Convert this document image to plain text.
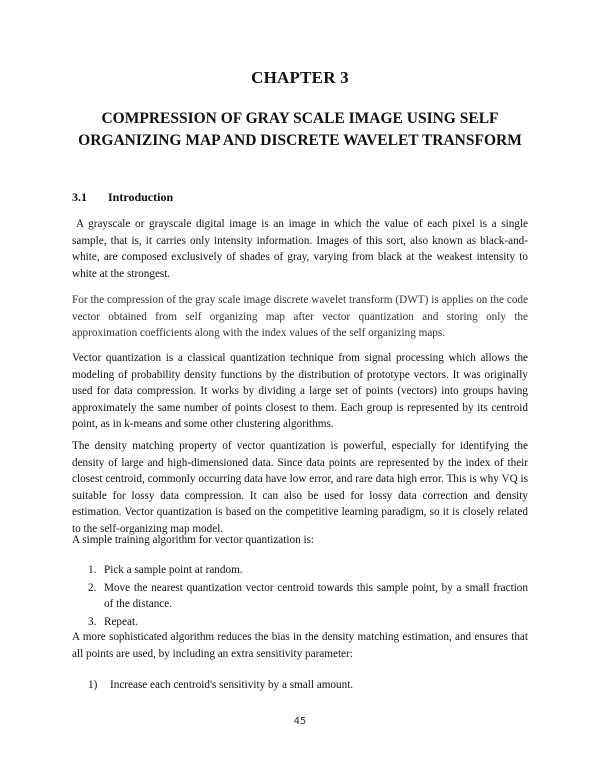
CHAPTER 3
COMPRESSION OF GRAY SCALE IMAGE USING SELF
ORGANIZING MAP AND DISCRETE WAVELET TRANSFORM
3.1 Introduction

A grayscale or grayscale digital image is an image in which the value of each pixel is a single sample, that is, it carries only intensity information. Images of this sort, also known as black-and-white, are composed exclusively of shades of gray, varying from black at the weakest intensity to white at the strongest.

For the compression of the gray scale image discrete wavelet transform (DWT) is applies on the code vector obtained from self organizing map after vector quantization and storing only the approximation coefficients along with the index values of the self organizing maps.

Vector quantization is a classical quantization technique from signal processing which allows the modeling of probability density functions by the distribution of prototype vectors. It was originally used for data compression. It works by dividing a large set of points (vectors) into groups having approximately the same number of points closest to them. Each group is represented by its centroid point, as in k-means and some other clustering algorithms.

The density matching property of vector quantization is powerful, especially for identifying the density of large and high-dimensioned data. Since data points are represented by the index of their closest centroid, commonly occurring data have low error, and rare data high error. This is why VQ is suitable for lossy data compression. It can also be used for lossy data correction and density estimation. Vector quantization is based on the competitive learning paradigm, so it is closely related to the self-organizing map model.

A simple training algorithm for vector quantization is:

1. Pick a sample point at random.
2. Move the nearest quantization vector centroid towards this sample point, by a small fraction of the distance.
3. Repeat.

A more sophisticated algorithm reduces the bias in the density matching estimation, and ensures that all points are used, by including an extra sensitivity parameter:

1)	Increase each centroid's sensitivity by a small amount.
45
